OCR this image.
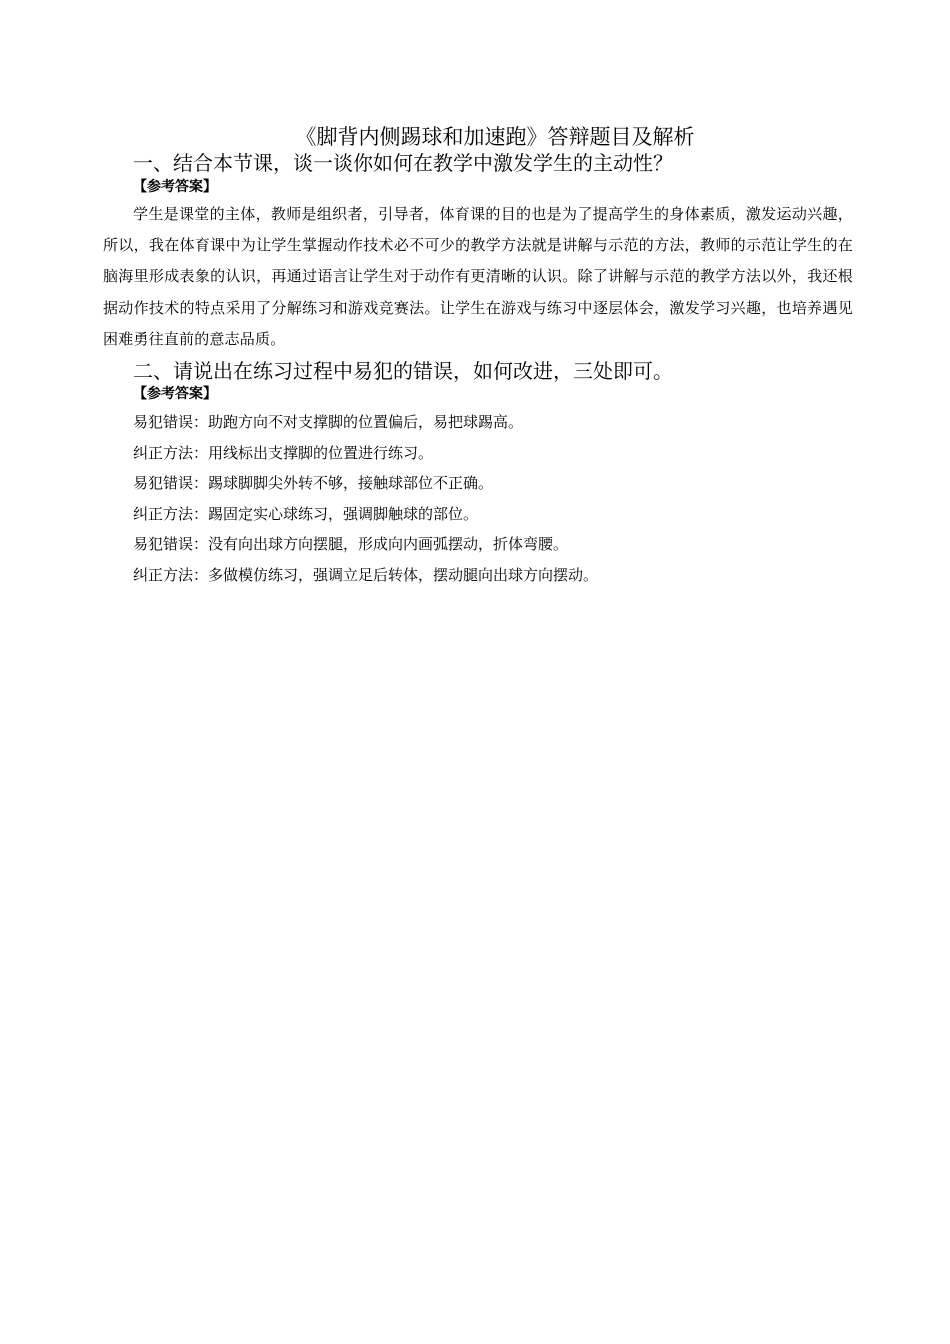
《脚背内侧踢球和加速跑》答辩题目及解析
一、结合本节课，谈一谈你如何在教学中激发学生的主动性？
【参考答案】
学生是课堂的主体，教师是组织者，引导者，体育课的目的也是为了提高学生的身体素质，激发运动兴趣，所以，我在体育课中为让学生掌握动作技术必不可少的教学方法就是讲解与示范的方法，教师的示范让学生的在脑海里形成表象的认识，再通过语言让学生对于动作有更清晰的认识。除了讲解与示范的教学方法以外，我还根据动作技术的特点采用了分解练习和游戏竞赛法。让学生在游戏与练习中逐层体会，激发学习兴趣，也培养遇见困难勇往直前的意志品质。
二、请说出在练习过程中易犯的错误，如何改进，三处即可。
【参考答案】
易犯错误：助跑方向不对支撑脚的位置偏后，易把球踢高。
纠正方法：用线标出支撑脚的位置进行练习。
易犯错误：踢球脚脚尖外转不够，接触球部位不正确。
纠正方法：踢固定实心球练习，强调脚触球的部位。
易犯错误：没有向出球方向摆腿，形成向内画弧摆动，折体弯腰。
纠正方法：多做模仿练习，强调立足后转体，摆动腿向出球方向摆动。
